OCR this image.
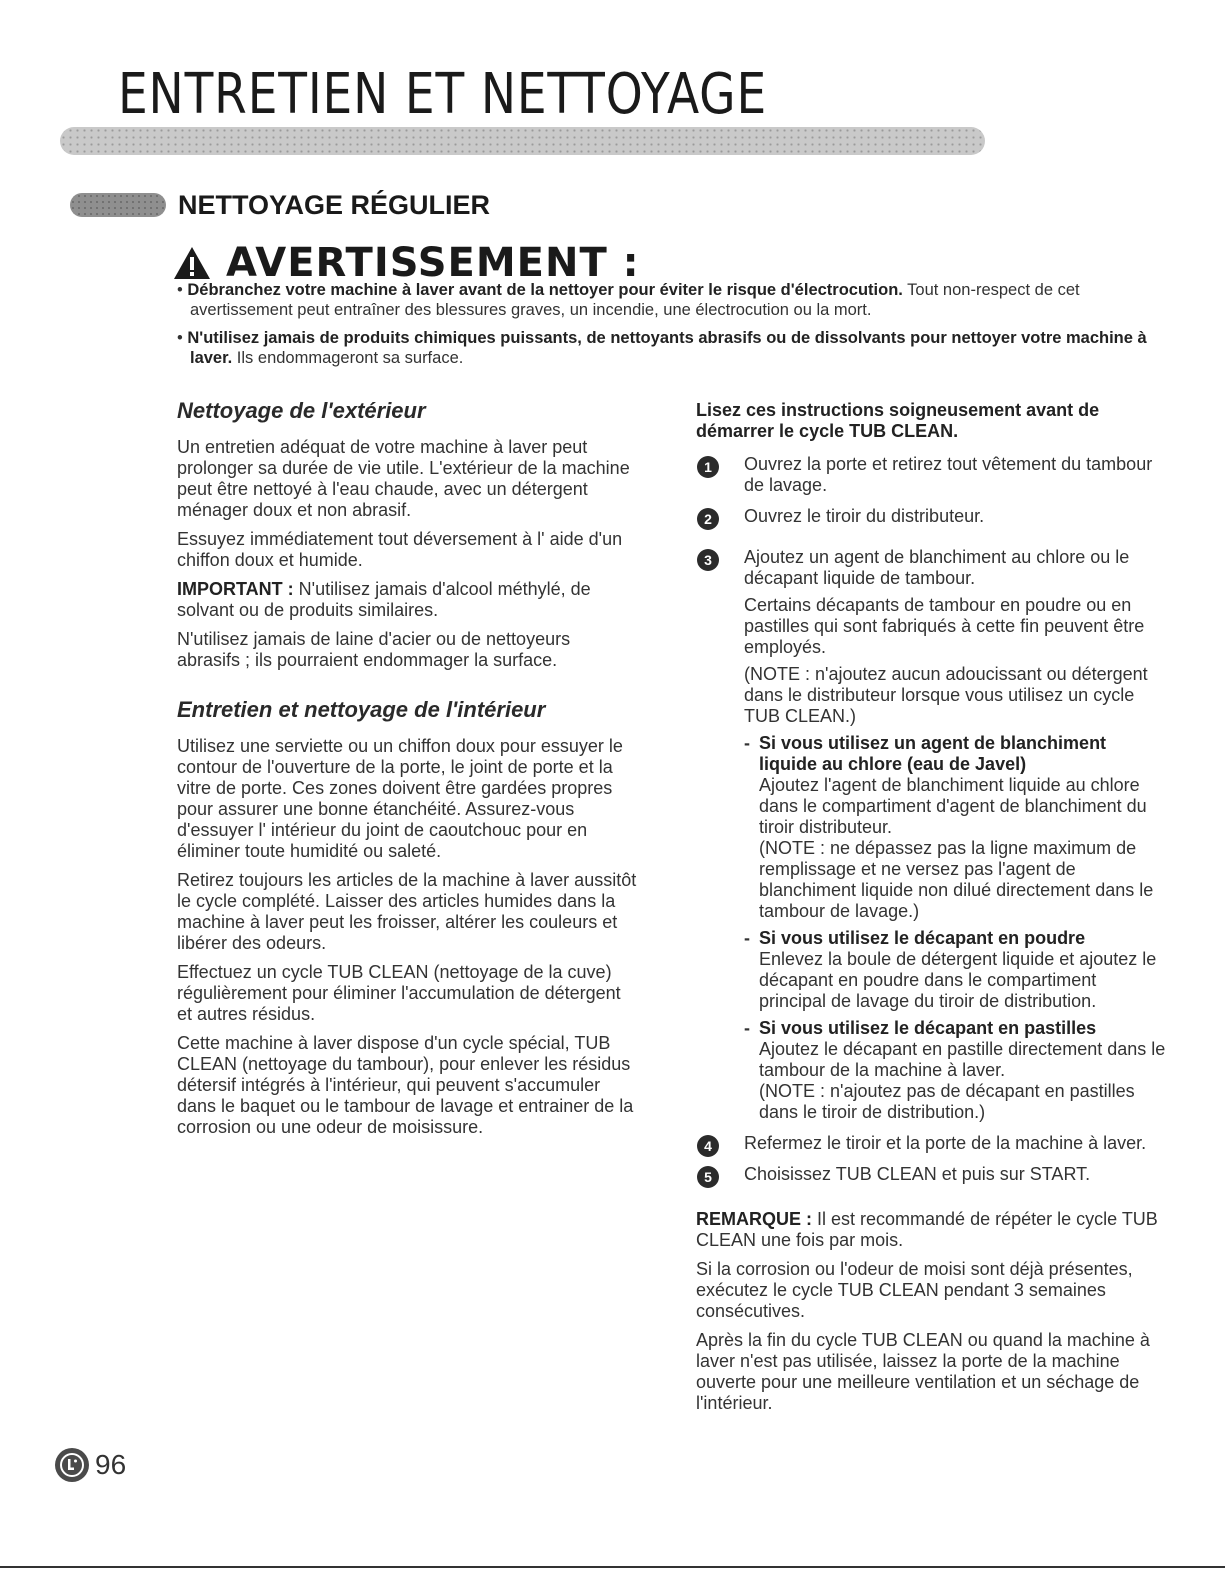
ENTRETIEN ET NETTOYAGE
NETTOYAGE RÉGULIER
AVERTISSEMENT :

• Débranchez votre machine à laver avant de la nettoyer pour éviter le risque d'électrocution. Tout non-respect de cet avertissement peut entraîner des blessures graves, un incendie, une électrocution ou la mort.

• N'utilisez jamais de produits chimiques puissants, de nettoyants abrasifs ou de dissolvants pour nettoyer votre machine à laver. Ils endommageront sa surface.

Nettoyage de l'extérieur

Un entretien adéquat de votre machine à laver peut prolonger sa durée de vie utile. L'extérieur de la machine peut être nettoyé à l'eau chaude, avec un détergent ménager doux et non abrasif.

Essuyez immédiatement tout déversement à l' aide d'un chiffon doux et humide.

IMPORTANT : N'utilisez jamais d'alcool méthylé, de solvant ou de produits similaires.

N'utilisez jamais de laine d'acier ou de nettoyeurs abrasifs ; ils pourraient endommager la surface.

Entretien et nettoyage de l'intérieur

Utilisez une serviette ou un chiffon doux pour essuyer le contour de l'ouverture de la porte, le joint de porte et la vitre de porte. Ces zones doivent être gardées propres pour assurer une bonne étanchéité. Assurez-vous d'essuyer l' intérieur du joint de caoutchouc pour en éliminer toute humidité ou saleté.

Retirez toujours les articles de la machine à laver aussitôt le cycle complété. Laisser des articles humides dans la machine à laver peut les froisser, altérer les couleurs et libérer des odeurs.

Effectuez un cycle TUB CLEAN (nettoyage de la cuve) régulièrement pour éliminer l'accumulation de détergent et autres résidus.

Cette machine à laver dispose d'un cycle spécial, TUB CLEAN (nettoyage du tambour), pour enlever les résidus détersif intégrés à l'intérieur, qui peuvent s'accumuler dans le baquet ou le tambour de lavage et entrainer de la corrosion ou une odeur de moisissure.

Lisez ces instructions soigneusement avant de démarrer le cycle TUB CLEAN.

1	Ouvrez la porte et retirez tout vêtement du tambour de lavage.

2	Ouvrez le tiroir du distributeur.

3	Ajoutez un agent de blanchiment au chlore ou le décapant liquide de tambour.

Certains décapants de tambour en poudre ou en pastilles qui sont fabriqués à cette fin peuvent être employés.

(NOTE : n'ajoutez aucun adoucissant ou détergent dans le distributeur lorsque vous utilisez un cycle TUB CLEAN.)

- Si vous utilisez un agent de blanchiment liquide au chlore (eau de Javel)
Ajoutez l'agent de blanchiment liquide au chlore dans le compartiment d'agent de blanchiment du tiroir distributeur.
(NOTE : ne dépassez pas la ligne maximum de remplissage et ne versez pas l'agent de blanchiment liquide non dilué directement dans le tambour de lavage.)
- Si vous utilisez le décapant en poudre
Enlevez la boule de détergent liquide et ajoutez le décapant en poudre dans le compartiment principal de lavage du tiroir de distribution.
- Si vous utilisez le décapant en pastilles
Ajoutez le décapant en pastille directement dans le tambour de la machine à laver.
(NOTE : n'ajoutez pas de décapant en pastilles dans le tiroir de distribution.)
4	Refermez le tiroir et la porte de la machine à laver.

5	Choisissez TUB CLEAN et puis sur START.

REMARQUE : Il est recommandé de répéter le cycle TUB CLEAN une fois par mois.

Si la corrosion ou l'odeur de moisi sont déjà présentes, exécutez le cycle TUB CLEAN pendant 3 semaines consécutives.

Après la fin du cycle TUB CLEAN ou quand la machine à laver n'est pas utilisée, laissez la porte de la machine ouverte pour une meilleure ventilation et un séchage de l'intérieur.

96
